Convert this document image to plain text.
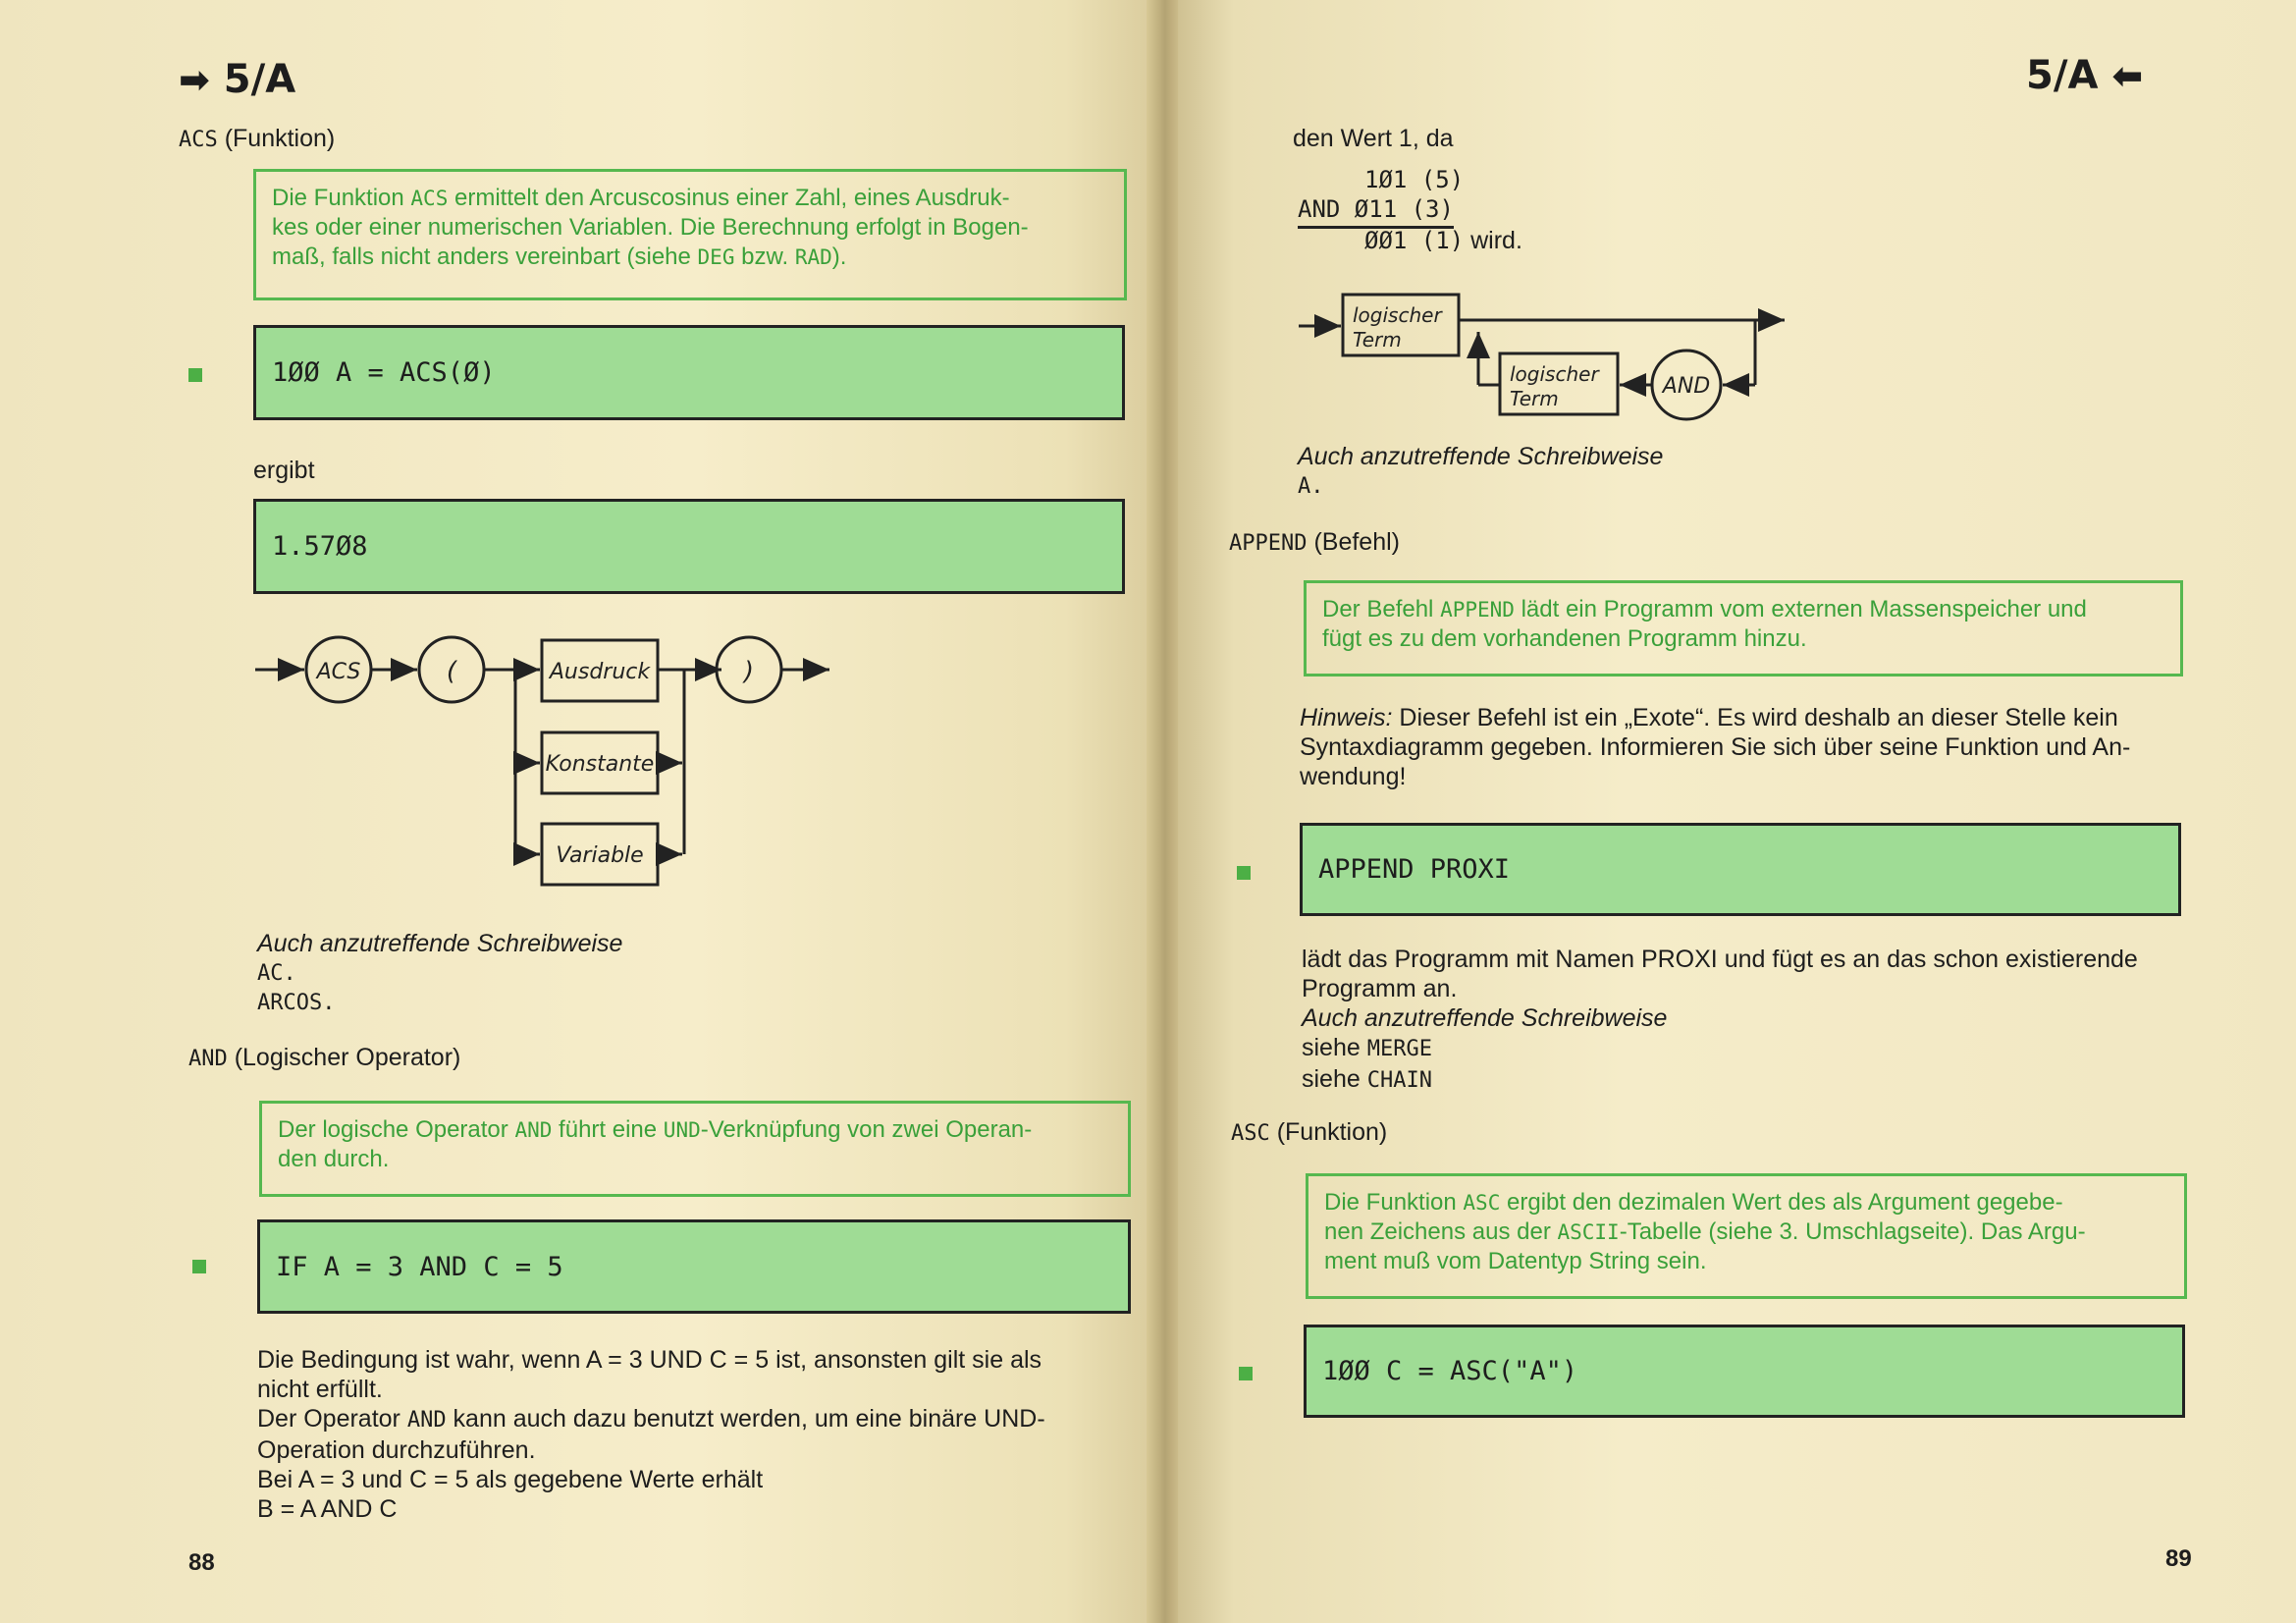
➡ 5/A
ACS (Funktion)
Die Funktion ACS ermittelt den Arcuscosinus einer Zahl, eines Ausdruk-
kes oder einer numerischen Variablen. Die Berechnung erfolgt in Bogen-
maß, falls nicht anders vereinbart (siehe DEG bzw. RAD).
1ØØ A = ACS(Ø)
ergibt
1.57Ø8
ACS	(	Ausdruck
Konstante
Variable
)
Auch anzutreffende Schreibweise
AC.
ARCOS.
AND (Logischer Operator)
Der logische Operator AND führt eine UND-Verknüpfung von zwei Operan-
den durch.
IF A = 3 AND C = 5
Die Bedingung ist wahr, wenn A = 3 UND C = 5 ist, ansonsten gilt sie als
nicht erfüllt.
Der Operator AND kann auch dazu benutzt werden, um eine binäre UND-
Operation durchzuführen.
Bei A = 3 und C = 5 als gegebene Werte erhält
B = A AND C
88
5/A ⬅
den Wert 1, da
1Ø1 (5)
AND Ø11 (3)
ØØ1 (1) wird.
logischer
Term
logischer
Term	AND
Auch anzutreffende Schreibweise
A.
APPEND (Befehl)
Der Befehl APPEND lädt ein Programm vom externen Massenspeicher und
fügt es zu dem vorhandenen Programm hinzu.
Hinweis: Dieser Befehl ist ein „Exote“. Es wird deshalb an dieser Stelle kein
Syntaxdiagramm gegeben. Informieren Sie sich über seine Funktion und An-
wendung!
APPEND PROXI
lädt das Programm mit Namen PROXI und fügt es an das schon existierende
Programm an.
Auch anzutreffende Schreibweise
siehe MERGE
siehe CHAIN
ASC (Funktion)
Die Funktion ASC ergibt den dezimalen Wert des als Argument gegebe-
nen Zeichens aus der ASCII-Tabelle (siehe 3. Umschlagseite). Das Argu-
ment muß vom Datentyp String sein.
1ØØ C = ASC("A")
89
